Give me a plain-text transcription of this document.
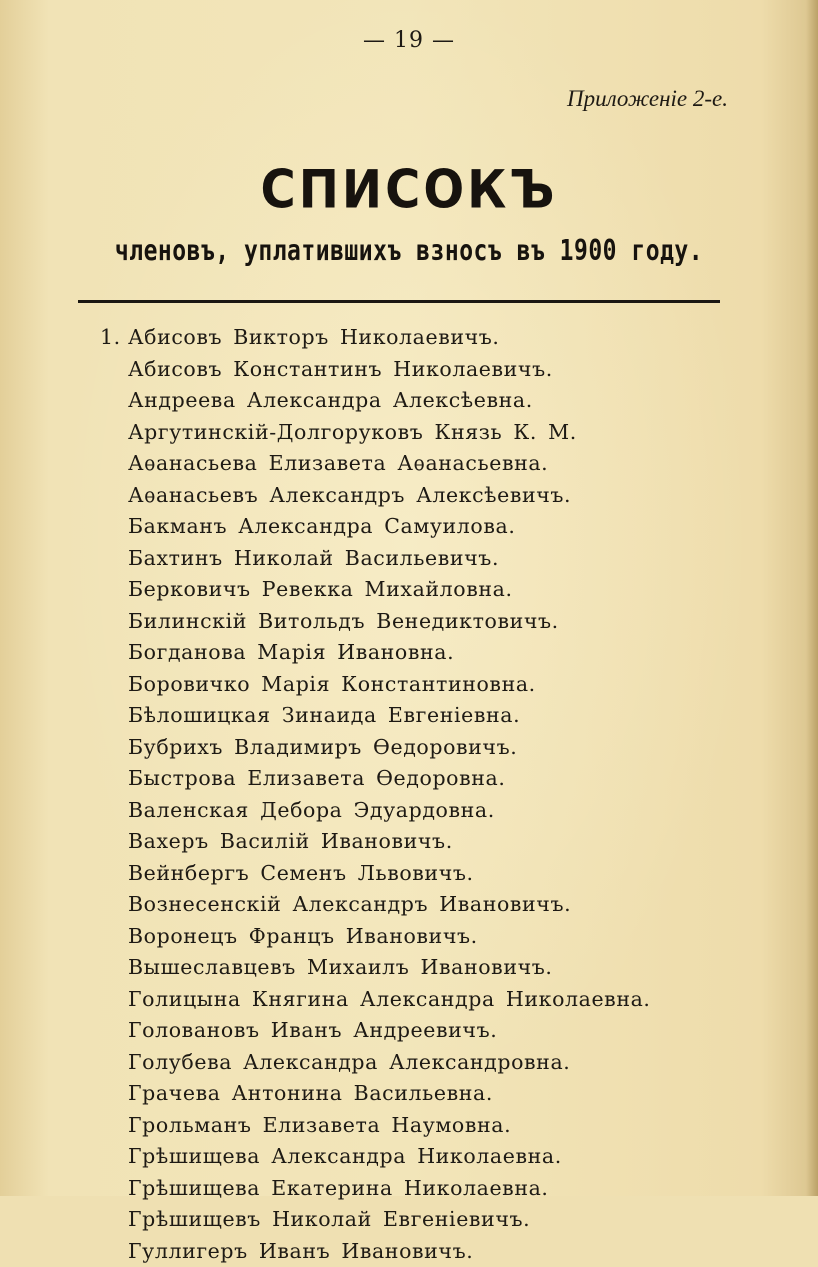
— 19 —
Приложеніе 2-е.
СПИСОКЪ
членовъ, уплатившихъ взносъ въ 1900 году.
1. Абисовъ Викторъ Николаевичъ.
Абисовъ Константинъ Николаевичъ.
Андреева Александра Алексѣевна.
Аргутинскій-Долгоруковъ Князь К. М.
Аѳанасьева Елизавета Аѳанасьевна.
Аѳанасьевъ Александръ Алексѣевичъ.
Бакманъ Александра Самуилова.
Бахтинъ Николай Васильевичъ.
Берковичъ Ревекка Михайловна.
Билинскій Витольдъ Венедиктовичъ.
Богданова Марія Ивановна.
Боровичко Марія Константиновна.
Бѣлошицкая Зинаида Евгеніевна.
Бубрихъ Владимиръ Ѳедоровичъ.
Быстрова Елизавета Ѳедоровна.
Валенская Дебора Эдуардовна.
Вахеръ Василій Ивановичъ.
Вейнбергъ Семенъ Львовичъ.
Вознесенскій Александръ Ивановичъ.
Воронецъ Францъ Ивановичъ.
Вышеславцевъ Михаилъ Ивановичъ.
Голицына Княгина Александра Николаевна.
Головановъ Иванъ Андреевичъ.
Голубева Александра Александровна.
Грачева Антонина Васильевна.
Грольманъ Елизавета Наумовна.
Грѣшищева Александра Николаевна.
Грѣшищева Екатерина Николаевна.
Грѣшищевъ Николай Евгеніевичъ.
Гуллигеръ Иванъ Ивановичъ.
